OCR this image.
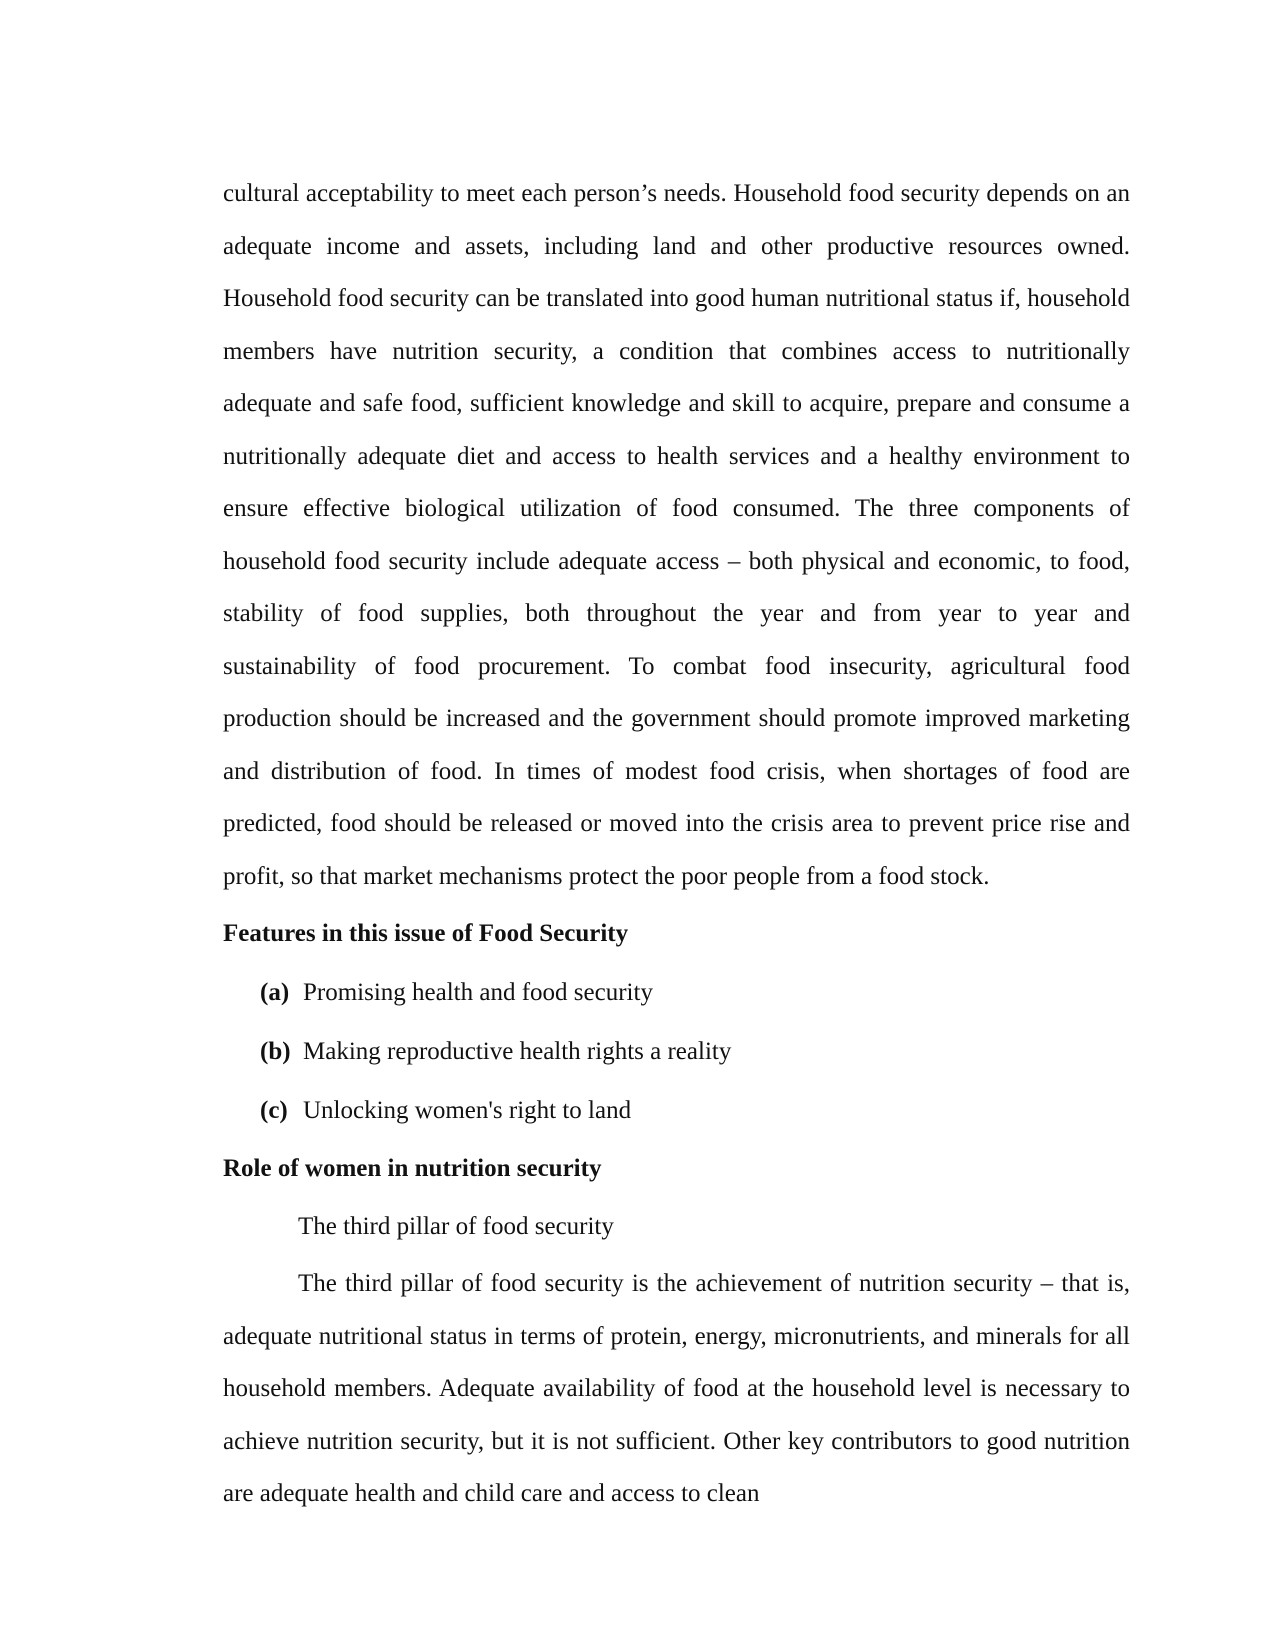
cultural acceptability to meet each person’s needs. Household food security depends on an adequate income and assets, including land and other productive resources owned. Household food security can be translated into good human nutritional status if, household members have nutrition security, a condition that combines access to nutritionally adequate and safe food, sufficient knowledge and skill to acquire, prepare and consume a nutritionally adequate diet and access to health services and a healthy environment to ensure effective biological utilization of food consumed. The three components of household food security include adequate access – both physical and economic, to food, stability of food supplies, both throughout the year and from year to year and sustainability of food procurement. To combat food insecurity, agricultural food production should be increased and the government should promote improved marketing and distribution of food. In times of modest food crisis, when shortages of food are predicted, food should be released or moved into the crisis area to prevent price rise and profit, so that market mechanisms protect the poor people from a food stock.

Features in this issue of Food Security

(a) Promising health and food security
(b) Making reproductive health rights a reality
(c) Unlocking women's right to land

Role of women in nutrition security

The third pillar of food security

The third pillar of food security is the achievement of nutrition security – that is, adequate nutritional status in terms of protein, energy, micronutrients, and minerals for all household members. Adequate availability of food at the household level is necessary to achieve nutrition security, but it is not sufficient. Other key contributors to good nutrition are adequate health and child care and access to clean
